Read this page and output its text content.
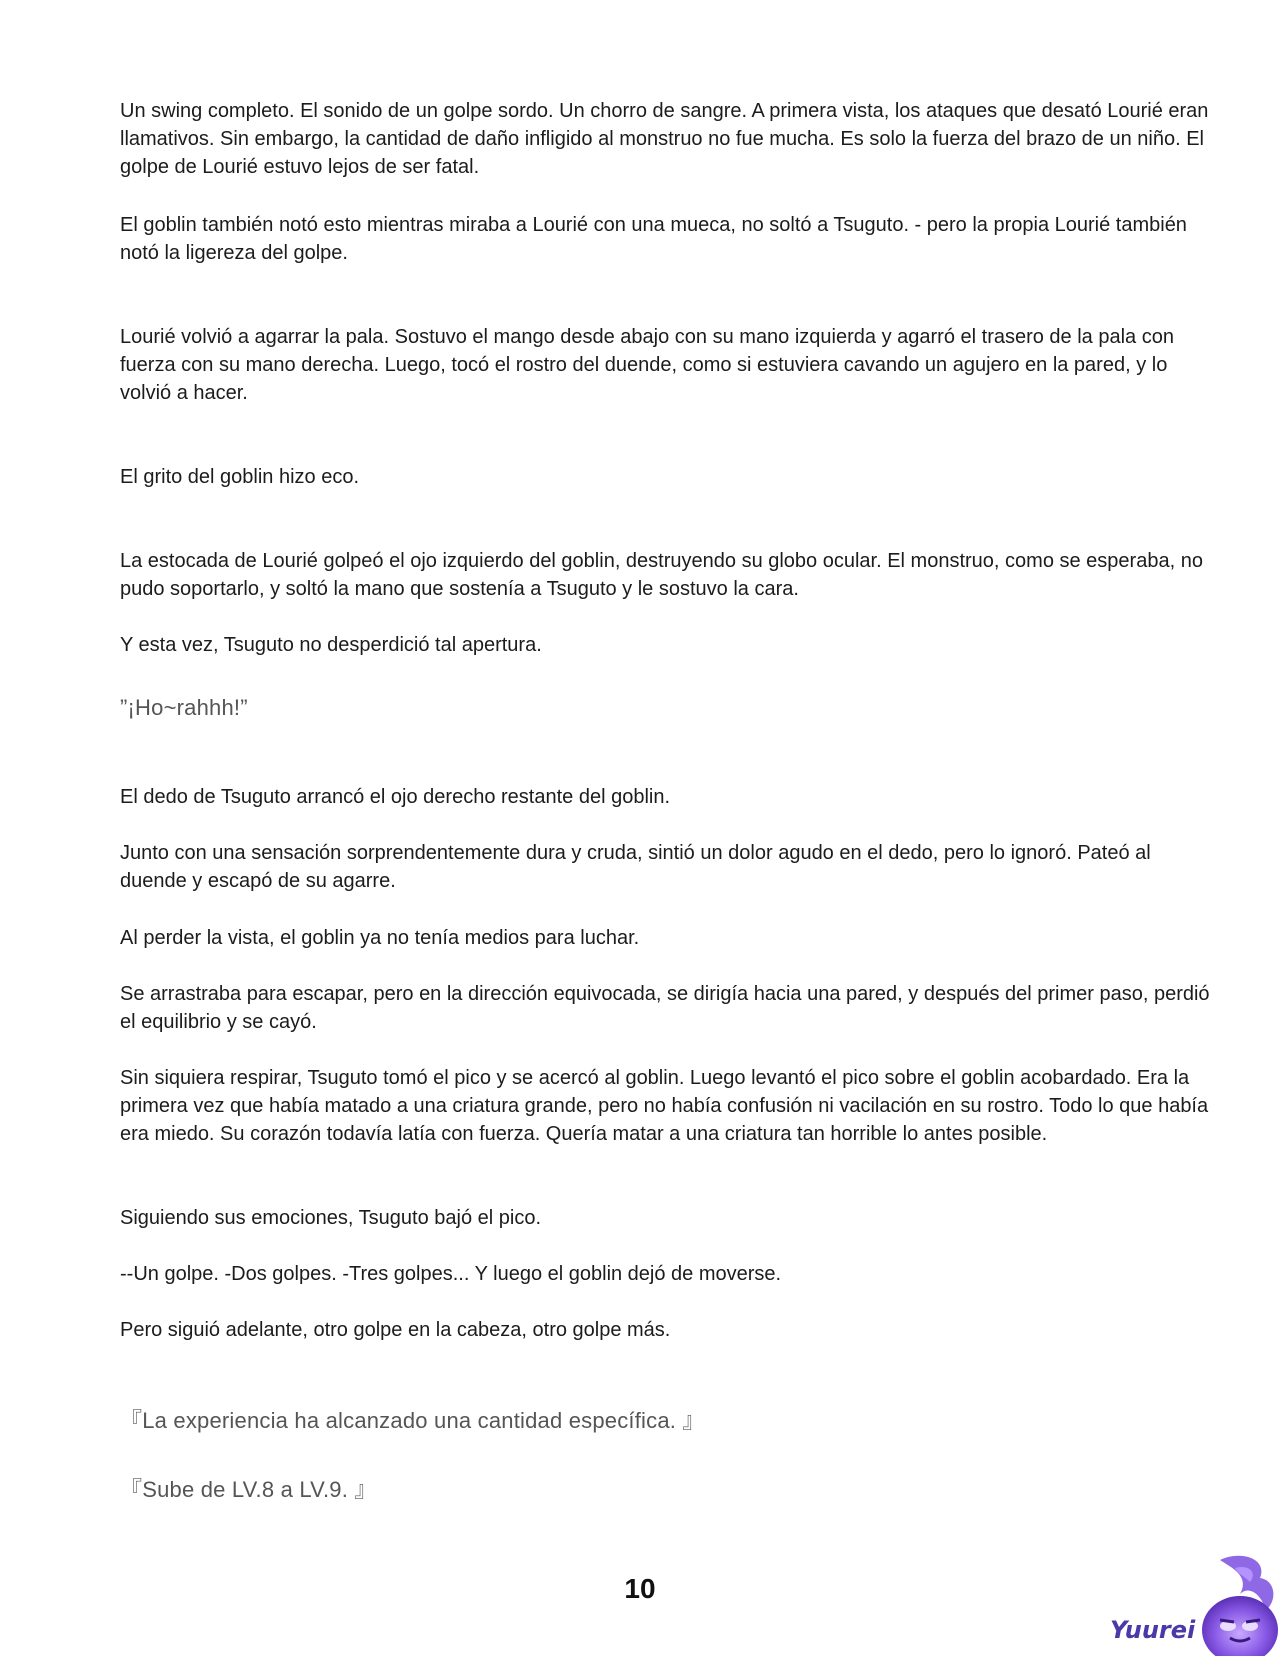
Un swing completo. El sonido de un golpe sordo. Un chorro de sangre. A primera vista, los ataques que desató Lourié eran llamativos. Sin embargo, la cantidad de daño infligido al monstruo no fue mucha. Es solo la fuerza del brazo de un niño. El golpe de Lourié estuvo lejos de ser fatal.

El goblin también notó esto mientras miraba a Lourié con una mueca, no soltó a Tsuguto. - pero la propia Lourié también notó la ligereza del golpe.

Lourié volvió a agarrar la pala. Sostuvo el mango desde abajo con su mano izquierda y agarró el trasero de la pala con fuerza con su mano derecha. Luego, tocó el rostro del duende, como si estuviera cavando un agujero en la pared, y lo volvió a hacer.

El grito del goblin hizo eco.

La estocada de Lourié golpeó el ojo izquierdo del goblin, destruyendo su globo ocular. El monstruo, como se esperaba, no pudo soportarlo, y soltó la mano que sostenía a Tsuguto y le sostuvo la cara.

Y esta vez, Tsuguto no desperdició tal apertura.

”¡Ho~rahhh!”

El dedo de Tsuguto arrancó el ojo derecho restante del goblin.

Junto con una sensación sorprendentemente dura y cruda, sintió un dolor agudo en el dedo, pero lo ignoró. Pateó al duende y escapó de su agarre.

Al perder la vista, el goblin ya no tenía medios para luchar.

Se arrastraba para escapar, pero en la dirección equivocada, se dirigía hacia una pared, y después del primer paso, perdió el equilibrio y se cayó.

Sin siquiera respirar, Tsuguto tomó el pico y se acercó al goblin. Luego levantó el pico sobre el goblin acobardado. Era la primera vez que había matado a una criatura grande, pero no había confusión ni vacilación en su rostro. Todo lo que había era miedo. Su corazón todavía latía con fuerza. Quería matar a una criatura tan horrible lo antes posible.

Siguiendo sus emociones, Tsuguto bajó el pico.

--Un golpe. -Dos golpes. -Tres golpes... Y luego el goblin dejó de moverse.

Pero siguió adelante, otro golpe en la cabeza, otro golpe más.

『La experiencia ha alcanzado una cantidad específica. 』

『Sube de LV.8 a LV.9. 』

10

Yuurei
